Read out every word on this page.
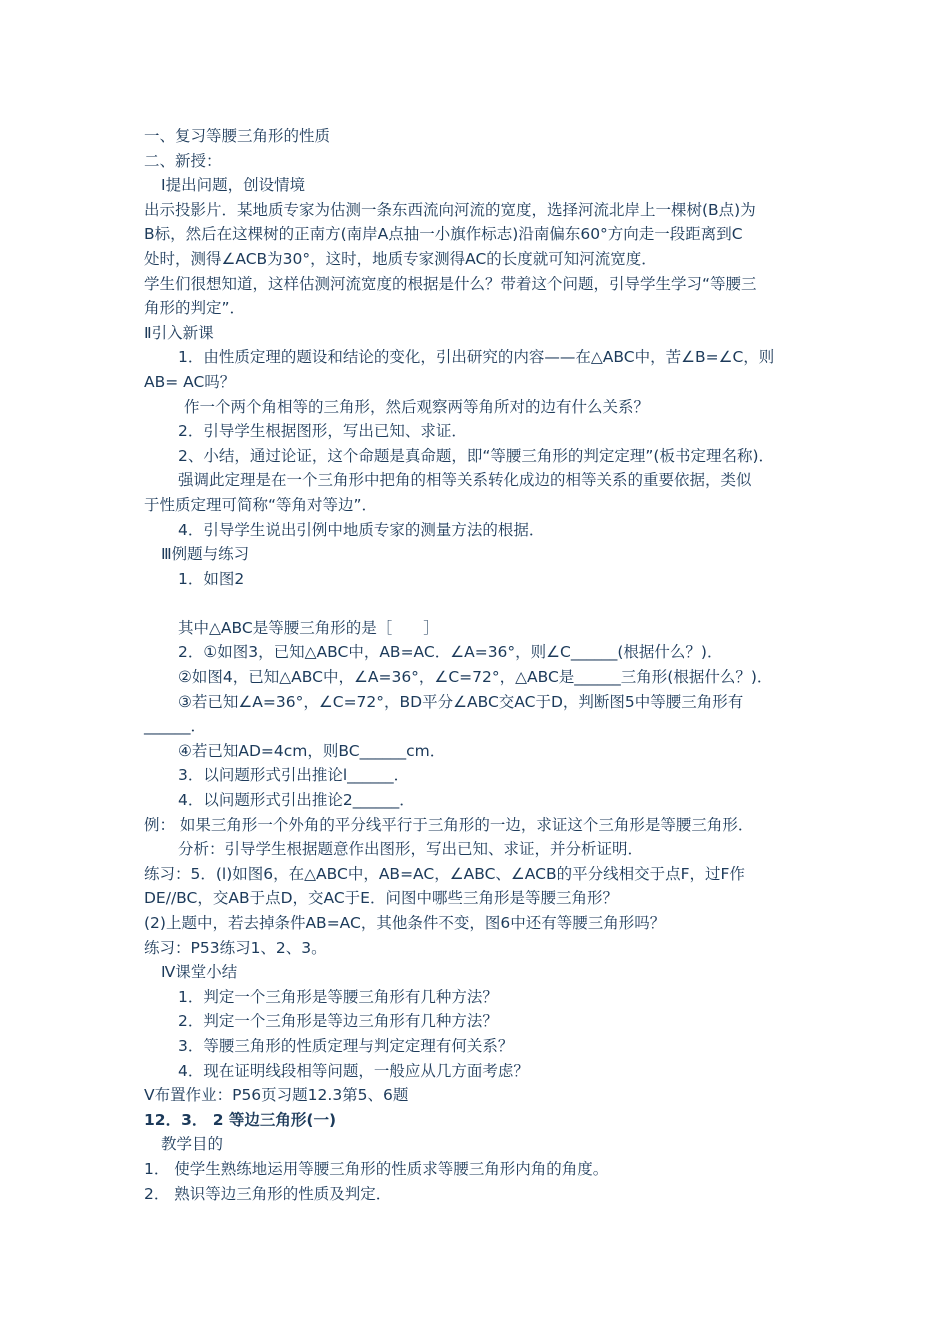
一、复习等腰三角形的性质
二、新授：
Ⅰ提出问题，创设情境
出示投影片．某地质专家为估测一条东西流向河流的宽度，选择河流北岸上一棵树(B点)为
B标，然后在这棵树的正南方(南岸A点抽一小旗作标志)沿南偏东60°方向走一段距离到C
处时，测得∠ACB为30°，这时，地质专家测得AC的长度就可知河流宽度．
学生们很想知道，这样估测河流宽度的根据是什么？带着这个问题，引导学生学习“等腰三
角形的判定”．
Ⅱ引入新课
1．由性质定理的题设和结论的变化，引出研究的内容——在△ABC中，苦∠B=∠C，则
AB= AC吗？
作一个两个角相等的三角形，然后观察两等角所对的边有什么关系？
2．引导学生根据图形，写出已知、求证．
2、小结，通过论证，这个命题是真命题，即“等腰三角形的判定定理”(板书定理名称)．
强调此定理是在一个三角形中把角的相等关系转化成边的相等关系的重要依据，类似
于性质定理可简称“等角对等边”．
4．引导学生说出引例中地质专家的测量方法的根据．
Ⅲ例题与练习
1．如图2
其中△ABC是等腰三角形的是［　　］
2．①如图3，已知△ABC中，AB=AC．∠A=36°，则∠C______(根据什么？)．
②如图4，已知△ABC中，∠A=36°，∠C=72°，△ABC是______三角形(根据什么？)．
③若已知∠A=36°，∠C=72°，BD平分∠ABC交AC于D，判断图5中等腰三角形有
______．
④若已知AD=4cm，则BC______cm．
3．以问题形式引出推论l______．
4．以问题形式引出推论2______．
例： 如果三角形一个外角的平分线平行于三角形的一边，求证这个三角形是等腰三角形．
分析：引导学生根据题意作出图形，写出已知、求证，并分析证明．
练习：5．(l)如图6，在△ABC中，AB=AC，∠ABC、∠ACB的平分线相交于点F，过F作
DE//BC，交AB于点D，交AC于E．问图中哪些三角形是等腰三角形？
(2)上题中，若去掉条件AB=AC，其他条件不变，图6中还有等腰三角形吗？
练习：P53练习1、2、3。
Ⅳ课堂小结
1．判定一个三角形是等腰三角形有几种方法？
2．判定一个三角形是等边三角形有几种方法？
3．等腰三角形的性质定理与判定定理有何关系？
4．现在证明线段相等问题，一般应从几方面考虑？
Ⅴ布置作业：P56页习题12.3第5、6题
12．3． 2 等边三角形(一)
教学目的
1． 使学生熟练地运用等腰三角形的性质求等腰三角形内角的角度。
2． 熟识等边三角形的性质及判定．
